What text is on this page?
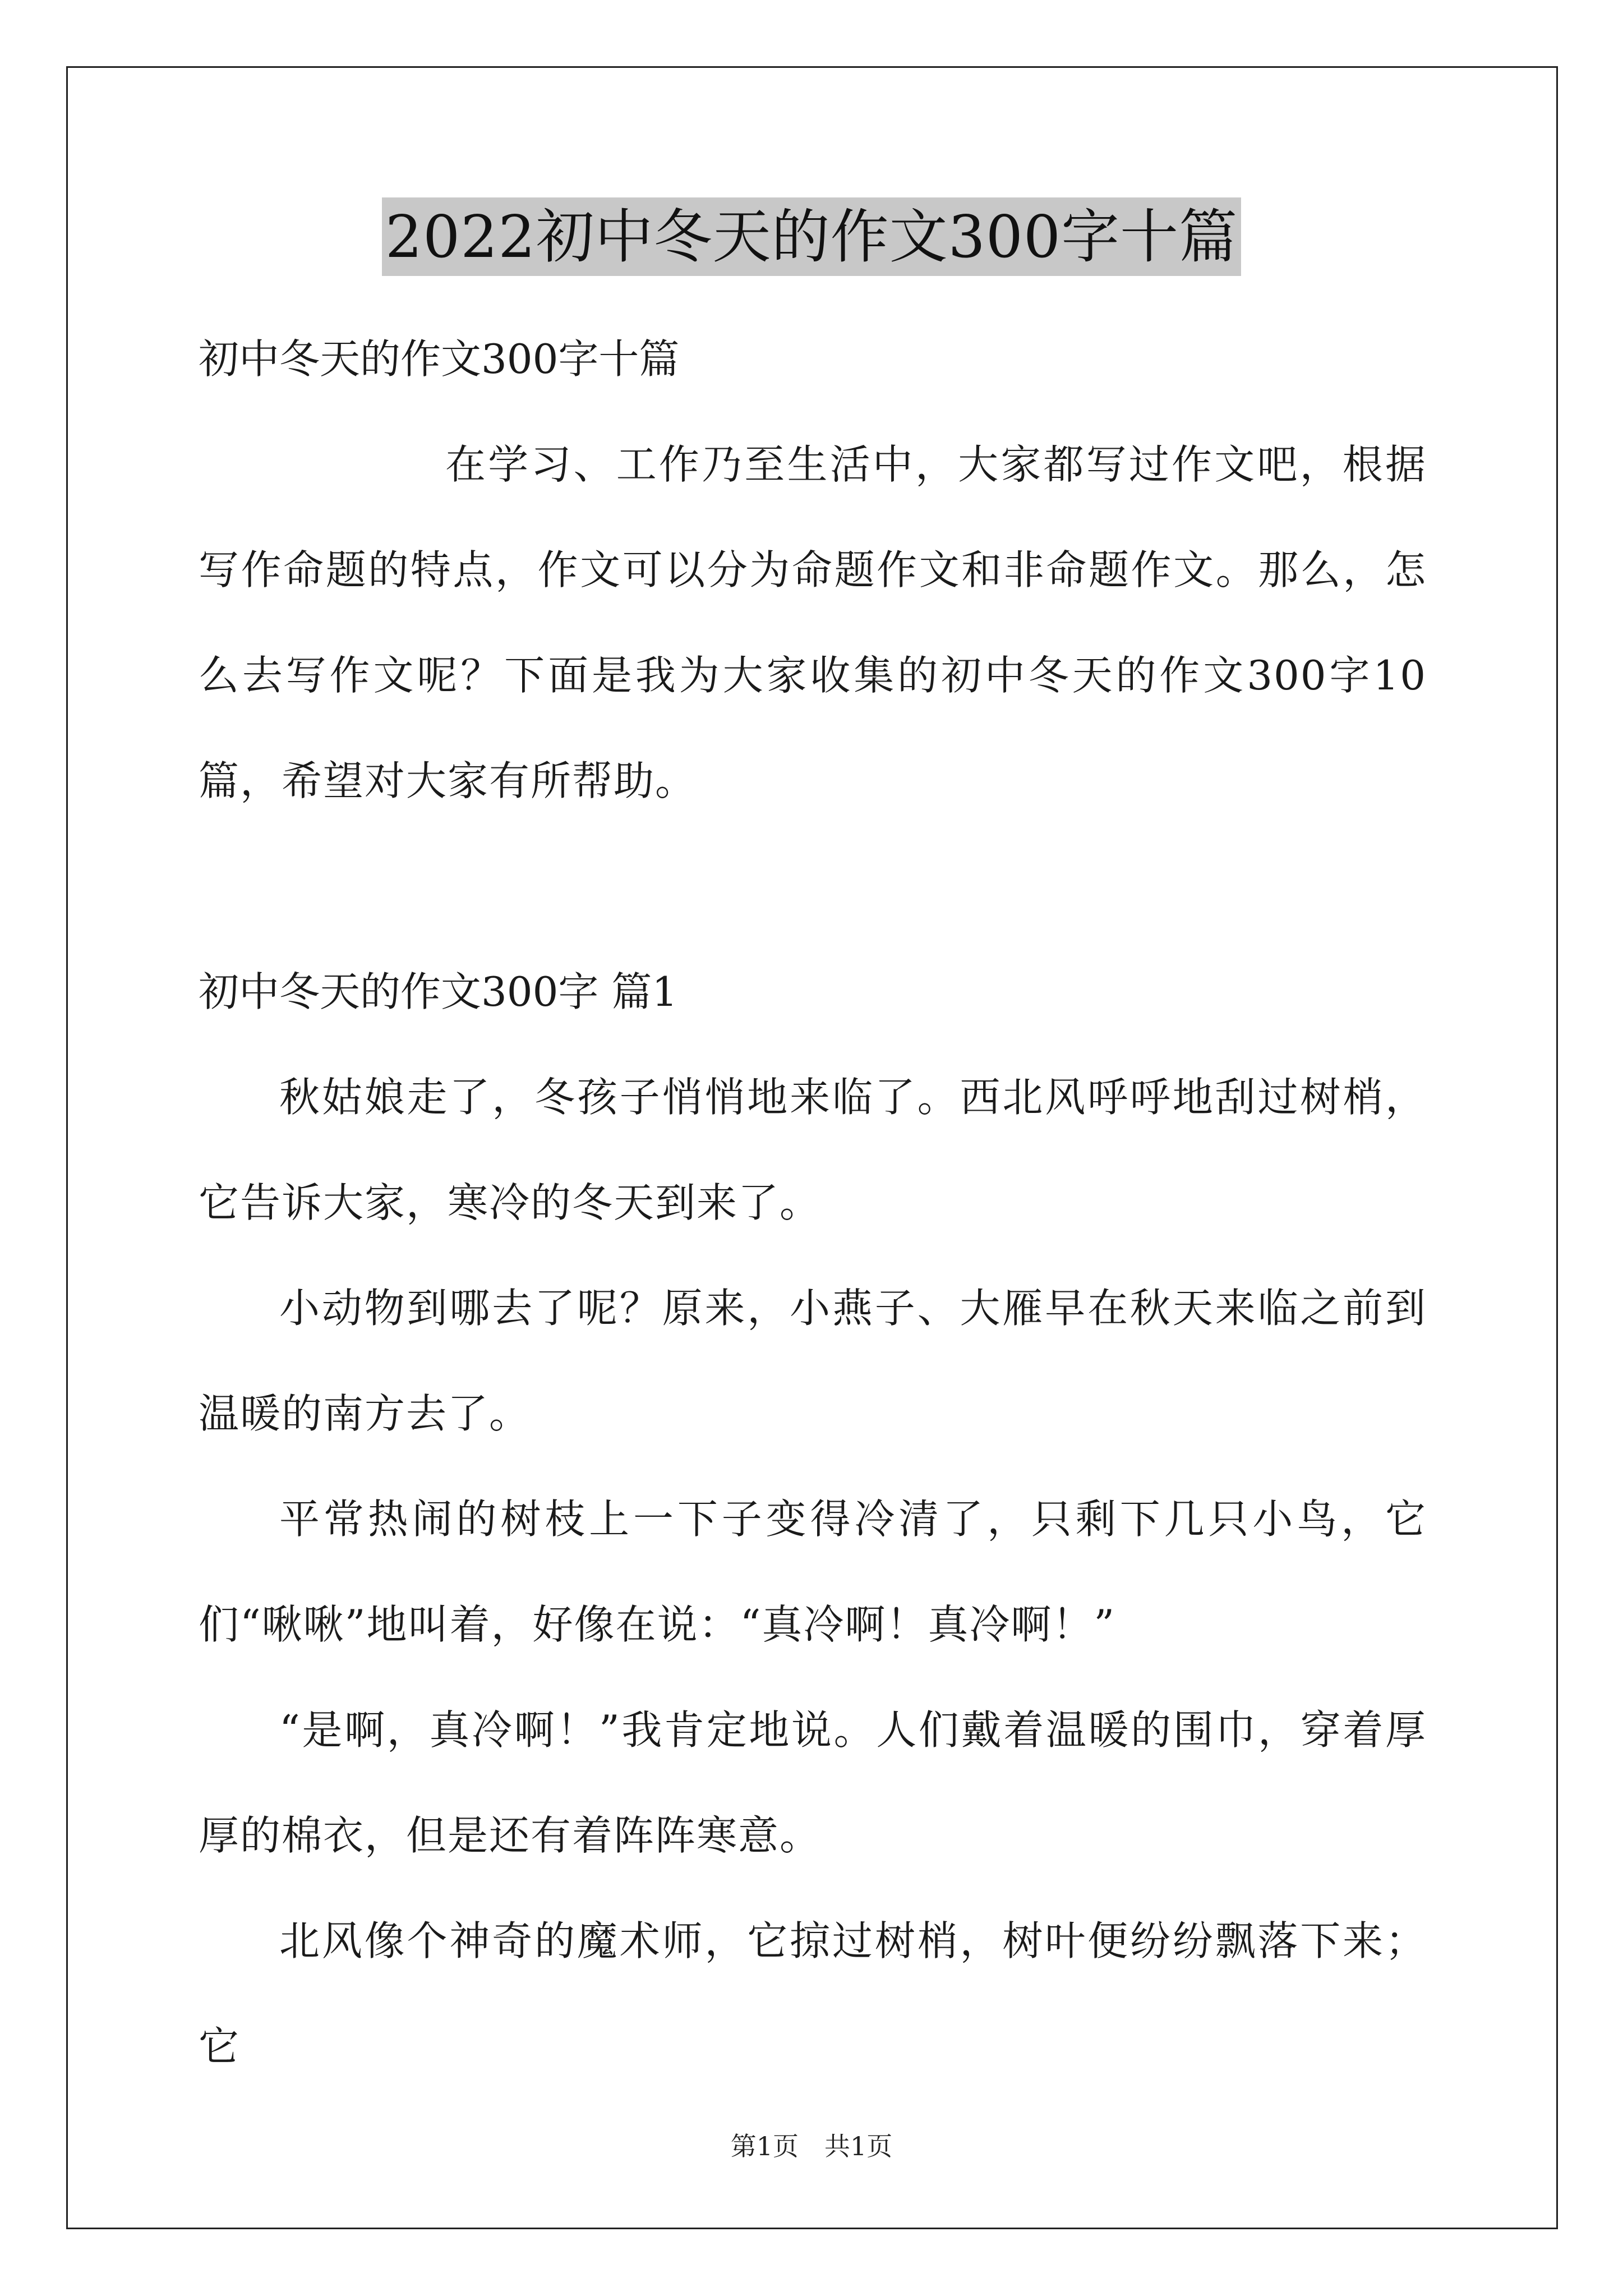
2022初中冬天的作文300字十篇

初中冬天的作文300字十篇

在学习、工作乃至生活中，大家都写过作文吧，根据写作命题的特点，作文可以分为命题作文和非命题作文。那么，怎么去写作文呢？下面是我为大家收集的初中冬天的作文300字10篇，希望对大家有所帮助。

初中冬天的作文300字 篇1

秋姑娘走了，冬孩子悄悄地来临了。西北风呼呼地刮过树梢，它告诉大家，寒冷的冬天到来了。

小动物到哪去了呢？原来，小燕子、大雁早在秋天来临之前到温暖的南方去了。

平常热闹的树枝上一下子变得冷清了，只剩下几只小鸟，它们“啾啾”地叫着，好像在说：“真冷啊！真冷啊！”

“是啊，真冷啊！”我肯定地说。人们戴着温暖的围巾，穿着厚厚的棉衣，但是还有着阵阵寒意。

北风像个神奇的魔术师，它掠过树梢，树叶便纷纷飘落下来；它

第1页　共1页
